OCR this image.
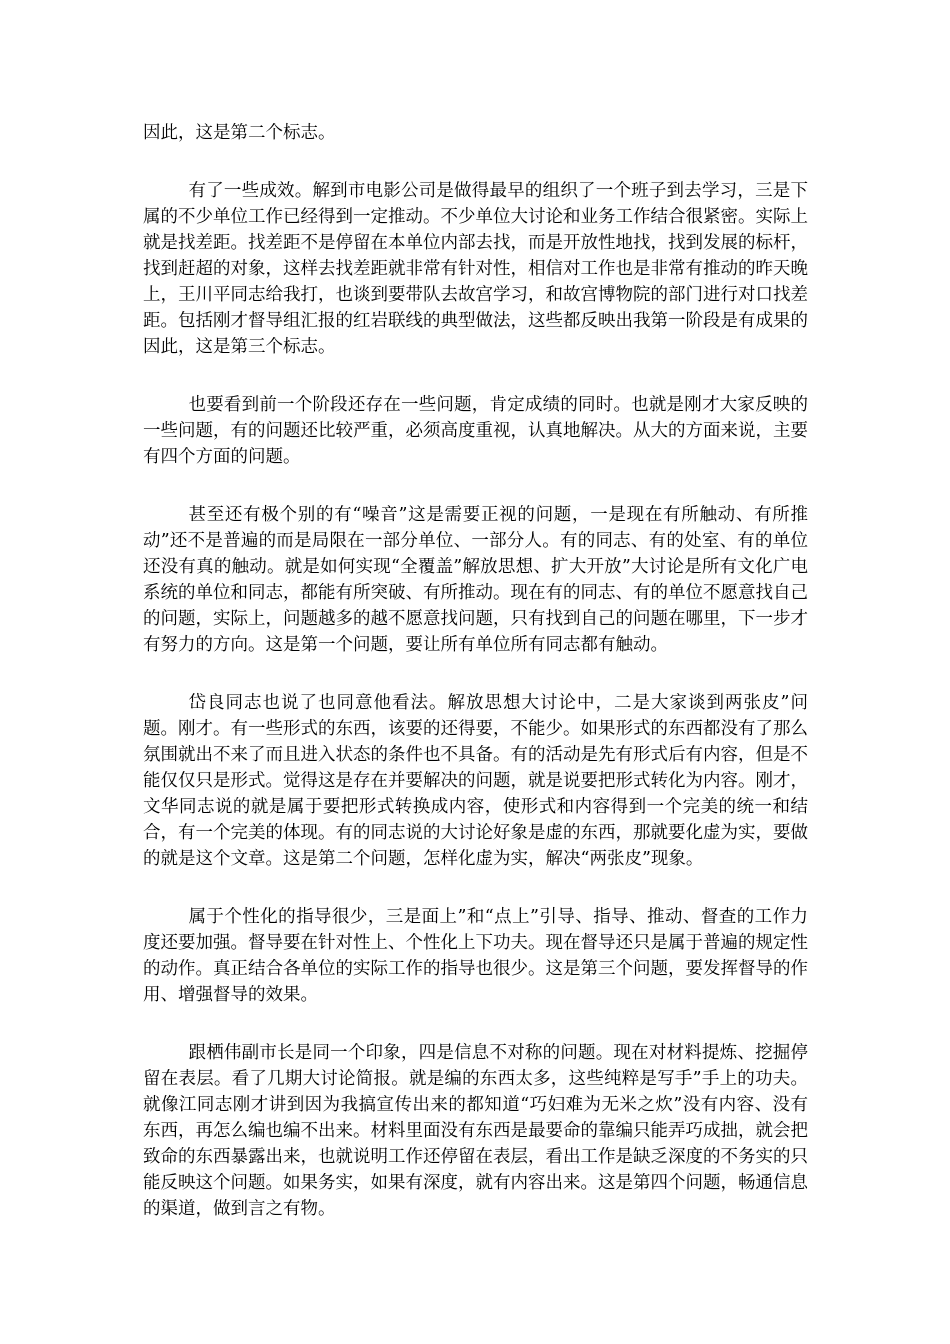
因此，这是第二个标志。

有了一些成效。解到市电影公司是做得最早的组织了一个班子到去学习，三是下属的不少单位工作已经得到一定推动。不少单位大讨论和业务工作结合很紧密。实际上就是找差距。找差距不是停留在本单位内部去找，而是开放性地找，找到发展的标杆，找到赶超的对象，这样去找差距就非常有针对性，相信对工作也是非常有推动的昨天晚上，王川平同志给我打，也谈到要带队去故宫学习，和故宫博物院的部门进行对口找差距。包括刚才督导组汇报的红岩联线的典型做法，这些都反映出我第一阶段是有成果的因此，这是第三个标志。

也要看到前一个阶段还存在一些问题，肯定成绩的同时。也就是刚才大家反映的一些问题，有的问题还比较严重，必须高度重视，认真地解决。从大的方面来说，主要有四个方面的问题。

甚至还有极个别的有“噪音”这是需要正视的问题，一是现在有所触动、有所推动”还不是普遍的而是局限在一部分单位、一部分人。有的同志、有的处室、有的单位还没有真的触动。就是如何实现“全覆盖”解放思想、扩大开放”大讨论是所有文化广电系统的单位和同志，都能有所突破、有所推动。现在有的同志、有的单位不愿意找自己的问题，实际上，问题越多的越不愿意找问题，只有找到自己的问题在哪里，下一步才有努力的方向。这是第一个问题，要让所有单位所有同志都有触动。

岱良同志也说了也同意他看法。解放思想大讨论中，二是大家谈到两张皮”问题。刚才。有一些形式的东西，该要的还得要，不能少。如果形式的东西都没有了那么氛围就出不来了而且进入状态的条件也不具备。有的活动是先有形式后有内容，但是不能仅仅只是形式。觉得这是存在并要解决的问题，就是说要把形式转化为内容。刚才，文华同志说的就是属于要把形式转换成内容，使形式和内容得到一个完美的统一和结合，有一个完美的体现。有的同志说的大讨论好象是虚的东西，那就要化虚为实，要做的就是这个文章。这是第二个问题，怎样化虚为实，解决“两张皮”现象。

属于个性化的指导很少，三是面上”和“点上”引导、指导、推动、督查的工作力度还要加强。督导要在针对性上、个性化上下功夫。现在督导还只是属于普遍的规定性的动作。真正结合各单位的实际工作的指导也很少。这是第三个问题，要发挥督导的作用、增强督导的效果。

跟栖伟副市长是同一个印象，四是信息不对称的问题。现在对材料提炼、挖掘停留在表层。看了几期大讨论简报。就是编的东西太多，这些纯粹是写手”手上的功夫。就像江同志刚才讲到因为我搞宣传出来的都知道“巧妇难为无米之炊”没有内容、没有东西，再怎么编也编不出来。材料里面没有东西是最要命的靠编只能弄巧成拙，就会把致命的东西暴露出来，也就说明工作还停留在表层，看出工作是缺乏深度的不务实的只能反映这个问题。如果务实，如果有深度，就有内容出来。这是第四个问题，畅通信息的渠道，做到言之有物。
